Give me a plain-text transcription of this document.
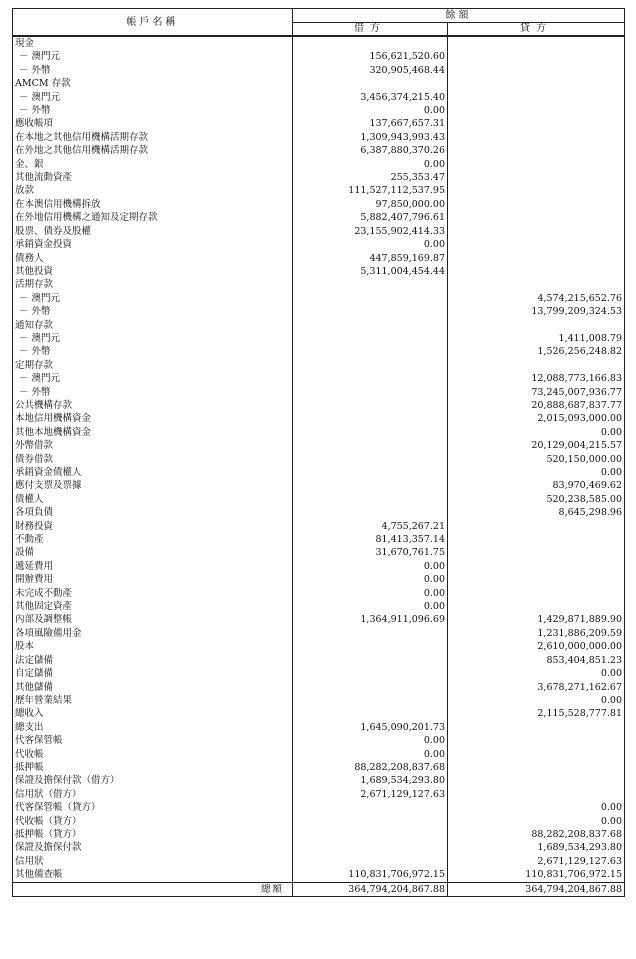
帳戶名稱	餘額	
	借方	貸方
現金		
－ 澳門元	156,621,520.60	
－ 外幣	320,905,468.44	
AMCM 存款		
－ 澳門元	3,456,374,215.40	
－ 外幣	0.00	
應收帳項	137,667,657.31	
在本地之其他信用機構活期存款	1,309,943,993.43	
在外地之其他信用機構活期存款	6,387,880,370.26	
金、銀	0.00	
其他流動資產	255,353.47	
放款	111,527,112,537.95	
在本澳信用機構拆放	97,850,000.00	
在外地信用機構之通知及定期存款	5,882,407,796.61	
股票、債券及股權	23,155,902,414.33	
承銷資金投資	0.00	
債務人	447,859,169.87	
其他投資	5,311,004,454.44	
活期存款		
－ 澳門元		4,574,215,652.76
－ 外幣		13,799,209,324.53
通知存款		
－ 澳門元		1,411,008.79
－ 外幣		1,526,256,248.82
定期存款		
－ 澳門元		12,088,773,166.83
－ 外幣		73,245,007,936.77
公共機構存款		20,888,687,837.77
本地信用機構資金		2,015,093,000.00
其他本地機構資金		0.00
外幣借款		20,129,004,215.57
債券借款		520,150,000.00
承銷資金債權人		0.00
應付支票及票據		83,970,469.62
債權人		520,238,585.00
各項負債		8,645,298.96
財務投資	4,755,267.21	
不動產	81,413,357.14	
設備	31,670,761.75	
遞延費用	0.00	
開辦費用	0.00	
未完成不動產	0.00	
其他固定資產	0.00	
內部及調整帳	1,364,911,096.69	1,429,871,889.90
各項風險備用金		1,231,886,209.59
股本		2,610,000,000.00
法定儲備		853,404,851.23
自定儲備		0.00
其他儲備		3,678,271,162.67
歷年營業結果		0.00
總收入		2,115,528,777.81
總支出	1,645,090,201.73	
代客保管帳	0.00	
代收帳	0.00	
抵押帳	88,282,208,837.68	
保證及擔保付款（借方）	1,689,534,293.80	
信用狀（借方）	2,671,129,127.63	
代客保管帳（貸方）		0.00
代收帳（貸方）		0.00
抵押帳（貸方）		88,282,208,837.68
保證及擔保付款		1,689,534,293.80
信用狀		2,671,129,127.63
其他備查帳	110,831,706,972.15	110,831,706,972.15
總額	364,794,204,867.88	364,794,204,867.88
